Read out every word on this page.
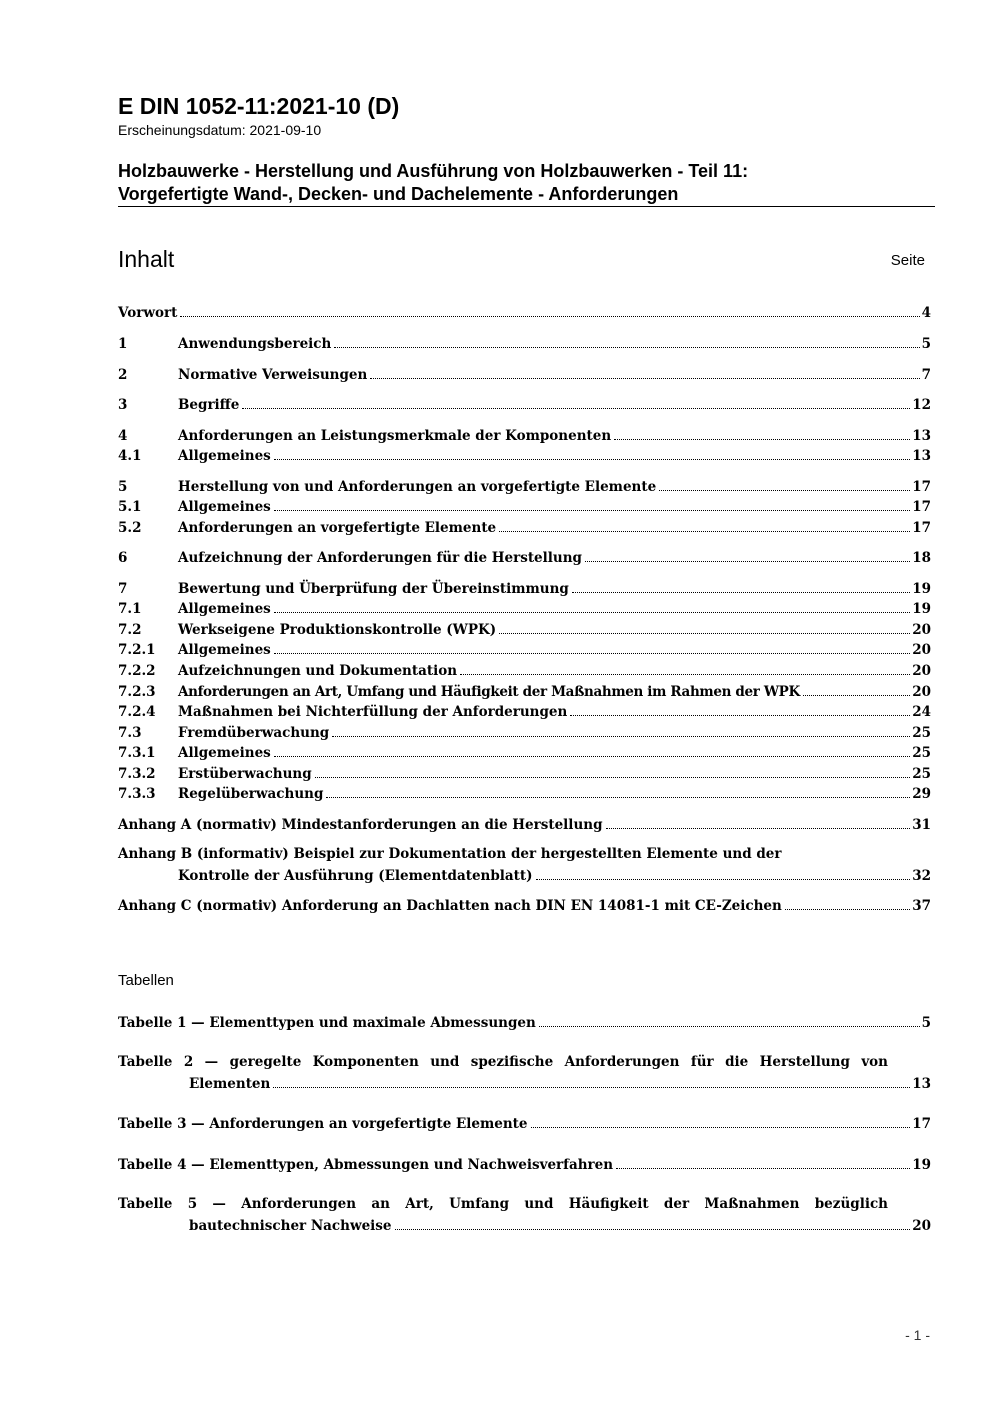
E DIN 1052-11:2021-10 (D)
Erscheinungsdatum: 2021-09-10
Holzbauwerke - Herstellung und Ausführung von Holzbauwerken - Teil 11:
Vorgefertigte Wand-, Decken- und Dachelemente - Anforderungen
Inhalt	Seite
Vorwort	4
1	Anwendungsbereich	5
2	Normative Verweisungen	7
3	Begriffe	12
4	Anforderungen an Leistungsmerkmale der Komponenten	13
4.1	Allgemeines	13
5	Herstellung von und Anforderungen an vorgefertigte Elemente	17
5.1	Allgemeines	17
5.2	Anforderungen an vorgefertigte Elemente	17
6	Aufzeichnung der Anforderungen für die Herstellung	18
7	Bewertung und Überprüfung der Übereinstimmung	19
7.1	Allgemeines	19
7.2	Werkseigene Produktionskontrolle (WPK)	20
7.2.1	Allgemeines	20
7.2.2	Aufzeichnungen und Dokumentation	20
7.2.3	Anforderungen an Art, Umfang und Häufigkeit der Maßnahmen im Rahmen der WPK	20
7.2.4	Maßnahmen bei Nichterfüllung der Anforderungen	24
7.3	Fremdüberwachung	25
7.3.1	Allgemeines	25
7.3.2	Erstüberwachung	25
7.3.3	Regelüberwachung	29
Anhang A (normativ) Mindestanforderungen an die Herstellung	31
Anhang B (informativ) Beispiel zur Dokumentation der hergestellten Elemente und der
Kontrolle der Ausführung (Elementdatenblatt)	32
Anhang C (normativ) Anforderung an Dachlatten nach DIN EN 14081-1 mit CE-Zeichen	37
Tabellen
Tabelle 1 — Elementtypen und maximale Abmessungen	5
Tabelle 2 — geregelte Komponenten und spezifische Anforderungen für die Herstellung von
Elementen	13
Tabelle 3 — Anforderungen an vorgefertigte Elemente	17
Tabelle 4 — Elementtypen, Abmessungen und Nachweisverfahren	19
Tabelle 5 — Anforderungen an Art, Umfang und Häufigkeit der Maßnahmen bezüglich
bautechnischer Nachweise	20
- 1 -
